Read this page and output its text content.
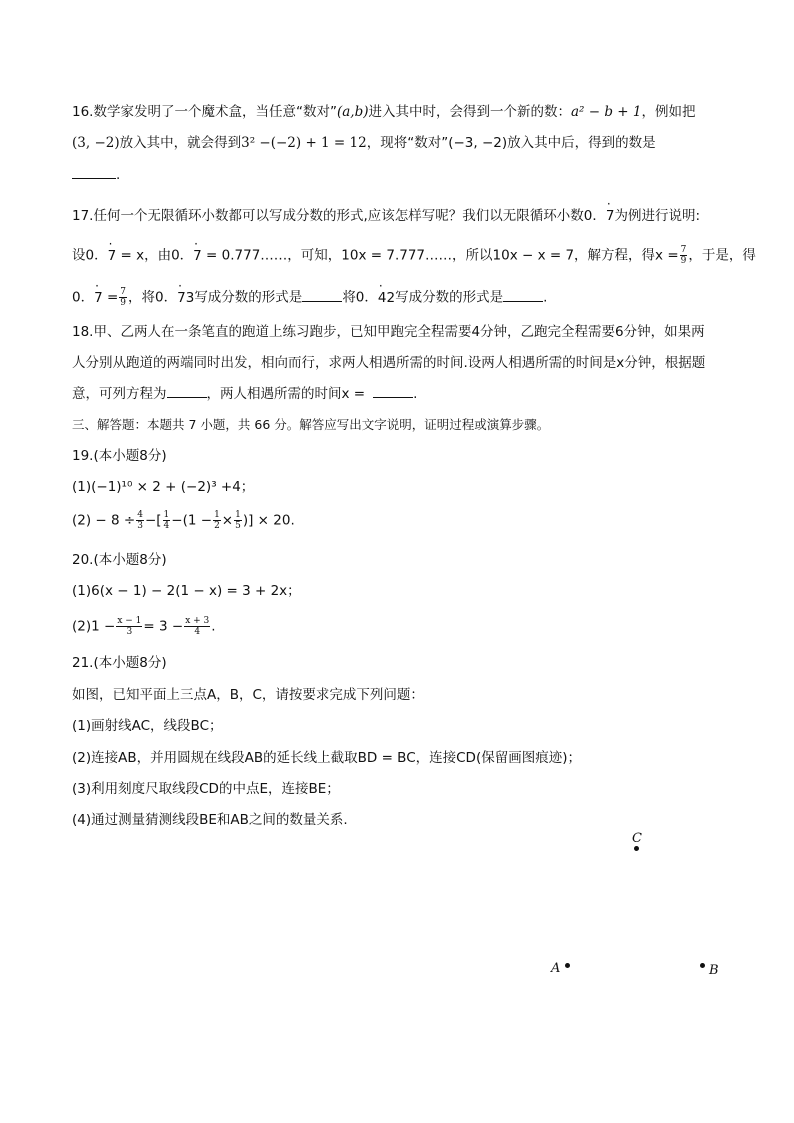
16.数学家发明了一个魔术盒，当任意“数对”(a,b)进入其中时，会得到一个新的数：a² − b + 1，例如把
(3, −2)放入其中，就会得到3² −(−2) + 1 = 12，现将“数对”(−3, −2)放入其中后，得到的数是
.
17.任何一个无限循环小数都可以写成分数的形式,应该怎样写呢？我们以无限循环小数0．· 7为例进行说明:
设0．· 7 = x，由0．· 7 = 0.777……，可知，10x = 7.777……，所以10x − x = 7，解方程，得$x = \frac{7}{9}$ ，于是，得
0．· $7 = \frac{7}{9}$ ，将0．· 73写成分数的形式是	将0．· 42写成分数的形式是	.
18.甲、乙两人在一条笔直的跑道上练习跑步，已知甲跑完全程需要4分钟，乙跑完全程需要6分钟，如果两
人分别从跑道的两端同时出发，相向而行，求两人相遇所需的时间.设两人相遇所需的时间是x分钟，根据题
意，可列方程为	，两人相遇所需的时间x =	.
三、解答题：本题共 7 小题，共 66 分。解答应写出文字说明，证明过程或演算步骤。
19.(本小题8分)
(1)(−1)¹⁰ × 2 + (−2)³ +4；
$(2) - 8 \div \frac{4}{3}$ −[ $\frac{1}{4} -(1 - \frac{1}{2} \times \frac{1}{5}$ )] × 20.
20.(本小题8分)
(1)6(x − 1) − 2(1 − x) = 3 + 2x；
$(2)1 - \frac{x - 1}{3} = 3 - \frac{x + 3}{4}$ .
21.(本小题8分)
如图，已知平面上三点A，B，C，请按要求完成下列问题：
(1)画射线AC，线段BC；
(2)连接AB，并用圆规在线段AB的延长线上截取BD = BC，连接CD(保留画图痕迹)；
(3)利用刻度尺取线段CD的中点E，连接BE；
(4)通过测量猜测线段BE和AB之间的数量关系.
C
A	B
